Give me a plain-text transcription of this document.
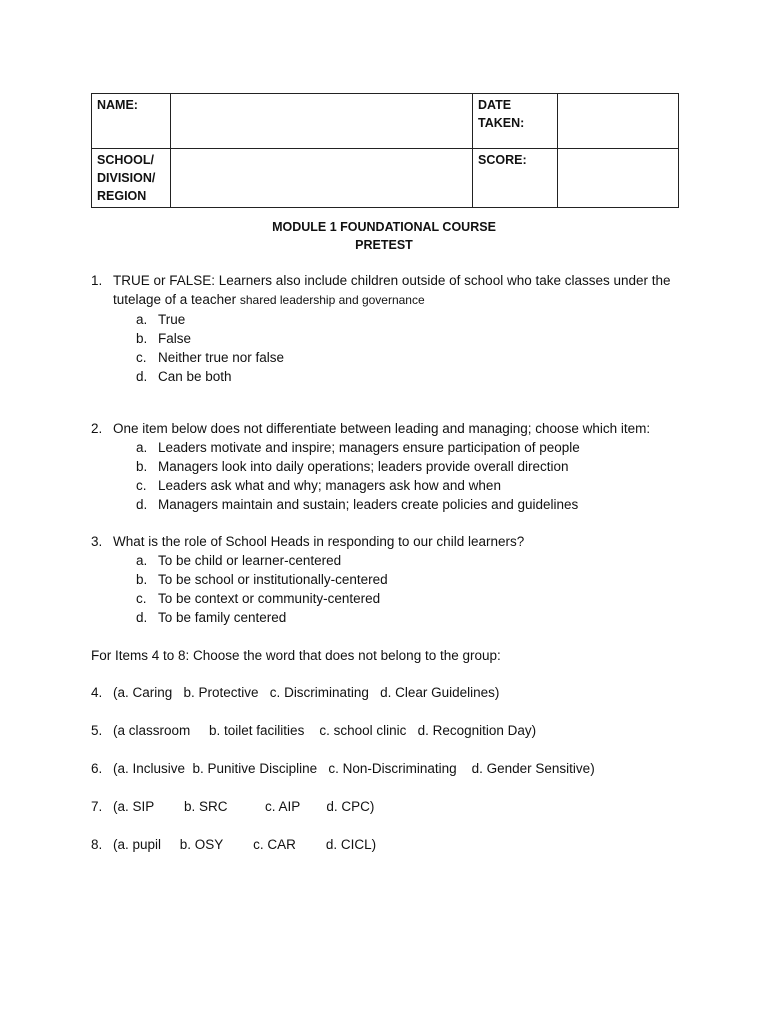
NAME:		DATE
TAKEN:	
SCHOOL/
DIVISION/
REGION		SCORE:	
MODULE 1 FOUNDATIONAL COURSE
PRETEST
1. TRUE or FALSE: Learners also include children outside of school who take classes under the
tutelage of a teacher shared leadership and governance
a. True
b. False
c. Neither true nor false
d. Can be both
2. One item below does not differentiate between leading and managing; choose which item:
a. Leaders motivate and inspire; managers ensure participation of people
b. Managers look into daily operations; leaders provide overall direction
c. Leaders ask what and why; managers ask how and when
d. Managers maintain and sustain; leaders create policies and guidelines
3. What is the role of School Heads in responding to our child learners?
a. To be child or learner-centered
b. To be school or institutionally-centered
c. To be context or community-centered
d. To be family centered
For Items 4 to 8: Choose the word that does not belong to the group:
4. (a. Caring   b. Protective   c. Discriminating   d. Clear Guidelines)
5. (a classroom     b. toilet facilities    c. school clinic   d. Recognition Day)
6. (a. Inclusive  b. Punitive Discipline   c. Non-Discriminating    d. Gender Sensitive)
7. (a. SIP        b. SRC          c. AIP       d. CPC)
8. (a. pupil     b. OSY        c. CAR        d. CICL)
